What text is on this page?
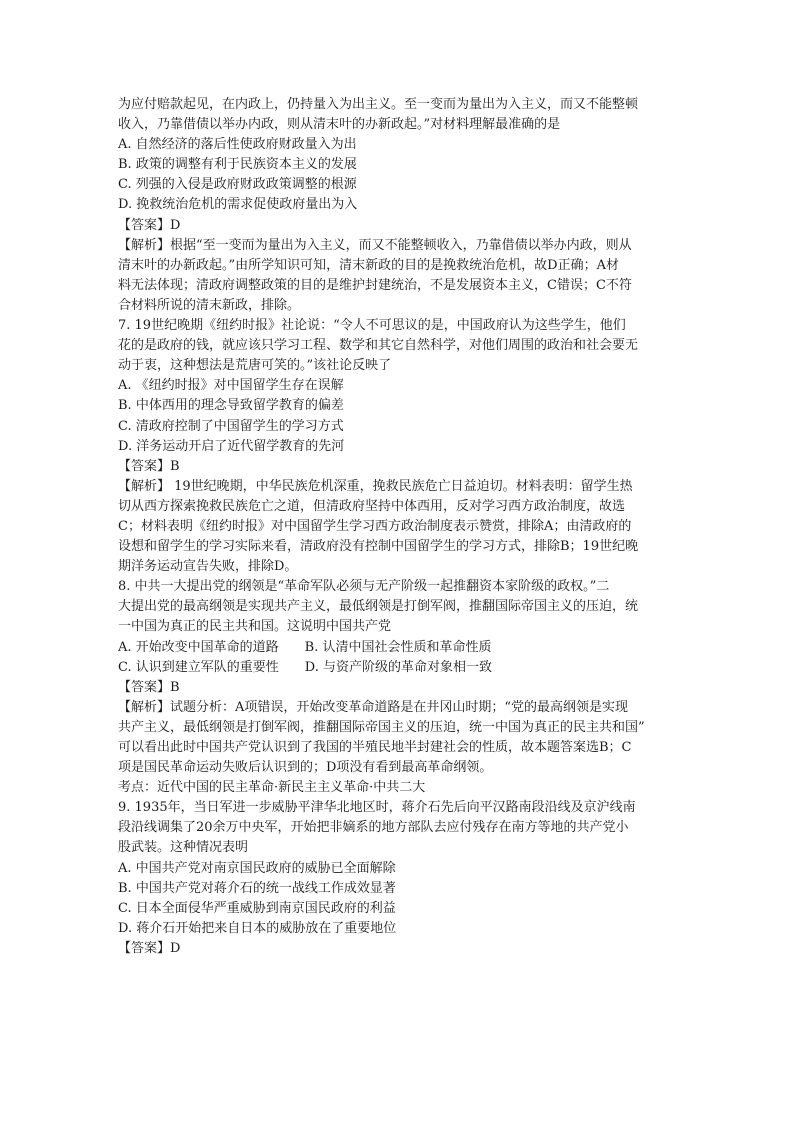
为应付赔款起见，在内政上，仍持量入为出主义。至一变而为量出为入主义，而又不能整顿
收入，乃靠借债以举办内政，则从清末叶的办新政起。”对材料理解最准确的是
A. 自然经济的落后性使政府财政量入为出
B. 政策的调整有利于民族资本主义的发展
C. 列强的入侵是政府财政政策调整的根源
D. 挽救统治危机的需求促使政府量出为入
【答案】D
【解析】根据“至一变而为量出为入主义，而又不能整顿收入，乃靠借债以举办内政，则从
清末叶的办新政起。”由所学知识可知，清末新政的目的是挽救统治危机，故D正确；A材
料无法体现；清政府调整政策的目的是维护封建统治，不是发展资本主义，C错误；C不符
合材料所说的清末新政，排除。
7. 19世纪晚期《纽约时报》社论说：“令人不可思议的是，中国政府认为这些学生，他们
花的是政府的钱，就应该只学习工程、数学和其它自然科学，对他们周围的政治和社会要无
动于衷，这种想法是荒唐可笑的。”该社论反映了
A. 《纽约时报》对中国留学生存在误解
B. 中体西用的理念导致留学教育的偏差
C. 清政府控制了中国留学生的学习方式
D. 洋务运动开启了近代留学教育的先河
【答案】B
【解析】 19世纪晚期，中华民族危机深重，挽救民族危亡日益迫切。材料表明：留学生热
切从西方探索挽救民族危亡之道，但清政府坚持中体西用，反对学习西方政治制度，故选
C；材料表明《纽约时报》对中国留学生学习西方政治制度表示赞赏，排除A；由清政府的
设想和留学生的学习实际来看，清政府没有控制中国留学生的学习方式，排除B；19世纪晚
期洋务运动宣告失败，排除D。
8. 中共一大提出党的纲领是“革命军队必须与无产阶级一起推翻资本家阶级的政权。”二
大提出党的最高纲领是实现共产主义，最低纲领是打倒军阀，推翻国际帝国主义的压迫，统
一中国为真正的民主共和国。这说明中国共产党
A. 开始改变中国革命的道路　　B. 认清中国社会性质和革命性质
C. 认识到建立军队的重要性　　D. 与资产阶级的革命对象相一致
【答案】B
【解析】试题分析：A项错误，开始改变革命道路是在井冈山时期；“党的最高纲领是实现
共产主义，最低纲领是打倒军阀，推翻国际帝国主义的压迫，统一中国为真正的民主共和国”
可以看出此时中国共产党认识到了我国的半殖民地半封建社会的性质，故本题答案选B；C
项是国民革命运动失败后认识到的；D项没有看到最高革命纲领。
考点：近代中国的民主革命·新民主主义革命·中共二大
9. 1935年，当日军进一步威胁平津华北地区时，蒋介石先后向平汉路南段沿线及京沪线南
段沿线调集了20余万中央军，开始把非嫡系的地方部队去应付残存在南方等地的共产党小
股武装。这种情况表明
A. 中国共产党对南京国民政府的威胁已全面解除
B. 中国共产党对蒋介石的统一战线工作成效显著
C. 日本全面侵华严重威胁到南京国民政府的利益
D. 蒋介石开始把来自日本的威胁放在了重要地位
【答案】D
